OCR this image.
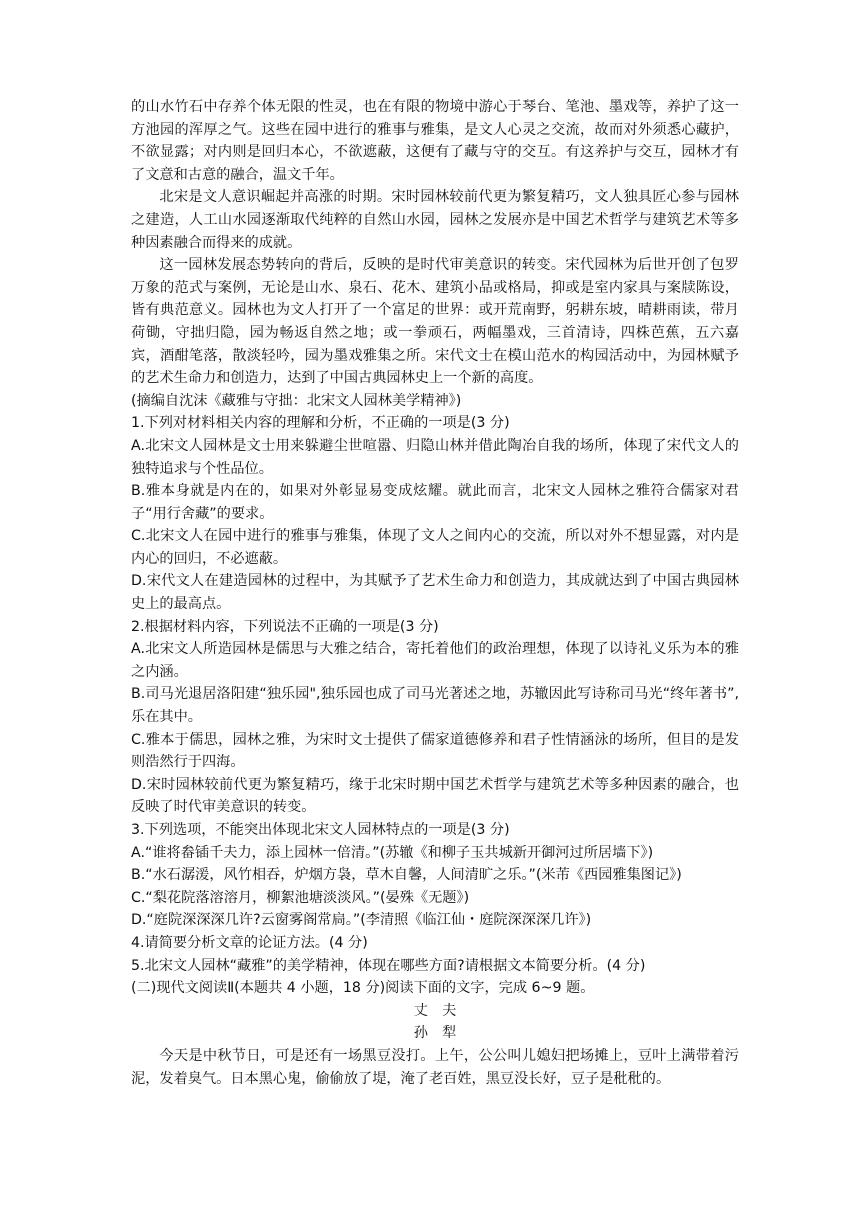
的山水竹石中存养个体无限的性灵，也在有限的物境中游心于琴台、笔池、墨戏等，养护了这一方池园的浑厚之气。这些在园中进行的雅事与雅集，是文人心灵之交流，故而对外须悉心藏护，不欲显露；对内则是回归本心，不欲遮蔽，这便有了藏与守的交互。有这养护与交互，园林才有了文意和古意的融合，温文千年。

北宋是文人意识崛起并高涨的时期。宋时园林较前代更为繁复精巧，文人独具匠心参与园林之建造，人工山水园逐渐取代纯粹的自然山水园，园林之发展亦是中国艺术哲学与建筑艺术等多种因素融合而得来的成就。

这一园林发展态势转向的背后，反映的是时代审美意识的转变。宋代园林为后世开创了包罗万象的范式与案例，无论是山水、泉石、花木、建筑小品或格局，抑或是室内家具与案牍陈设，皆有典范意义。园林也为文人打开了一个富足的世界：或开荒南野，躬耕东坡，晴耕雨读，带月荷锄，守拙归隐，园为畅返自然之地；或一拳顽石，两幅墨戏，三首清诗，四株芭蕉，五六嘉宾，酒酣笔落，散淡轻吟，园为墨戏雅集之所。宋代文士在模山范水的构园活动中，为园林赋予的艺术生命力和创造力，达到了中国古典园林史上一个新的高度。

(摘编自沈沫《藏雅与守拙：北宋文人园林美学精神》)

1.下列对材料相关内容的理解和分析，不正确的一项是(3 分)

A.北宋文人园林是文士用来躲避尘世喧嚣、归隐山林并借此陶冶自我的场所，体现了宋代文人的独特追求与个性品位。

B.雅本身就是内在的，如果对外彰显易变成炫耀。就此而言，北宋文人园林之雅符合儒家对君子“用行舍藏”的要求。

C.北宋文人在园中进行的雅事与雅集，体现了文人之间内心的交流，所以对外不想显露，对内是内心的回归，不必遮蔽。

D.宋代文人在建造园林的过程中，为其赋予了艺术生命力和创造力，其成就达到了中国古典园林史上的最高点。

2.根据材料内容，下列说法不正确的一项是(3 分)

A.北宋文人所造园林是儒思与大雅之结合，寄托着他们的政治理想，体现了以诗礼义乐为本的雅之内涵。

B.司马光退居洛阳建“独乐园",独乐园也成了司马光著述之地，苏辙因此写诗称司马光“终年著书”,乐在其中。

C.雅本于儒思，园林之雅，为宋时文士提供了儒家道德修养和君子性情涵泳的场所，但目的是发则浩然行于四海。

D.宋时园林较前代更为繁复精巧，缘于北宋时期中国艺术哲学与建筑艺术等多种因素的融合，也反映了时代审美意识的转变。

3.下列选项，不能突出体现北宋文人园林特点的一项是(3 分)

A.“谁将畚锸千夫力，添上园林一倍清。”(苏辙《和柳子玉共城新开御河过所居墙下》)

B.“水石潺湲，风竹相吞，炉烟方袅，草木自馨，人间清旷之乐。”(米芾《西园雅集图记》)

C.“梨花院落溶溶月，柳絮池塘淡淡风。”(晏殊《无题》)

D.“庭院深深深几许?云窗雾阁常扃。”(李清照《临江仙・庭院深深深几许》)

4.请简要分析文章的论证方法。(4 分)

5.北宋文人园林“藏雅”的美学精神，体现在哪些方面?请根据文本简要分析。(4 分)

(二)现代文阅读Ⅱ(本题共 4 小题，18 分)阅读下面的文字，完成 6~9 题。

丈夫

孙犁

今天是中秋节日，可是还有一场黑豆没打。上午，公公叫儿媳妇把场摊上，豆叶上满带着污泥，发着臭气。日本黑心鬼，偷偷放了堤，淹了老百姓，黑豆没长好，豆子是秕秕的。
